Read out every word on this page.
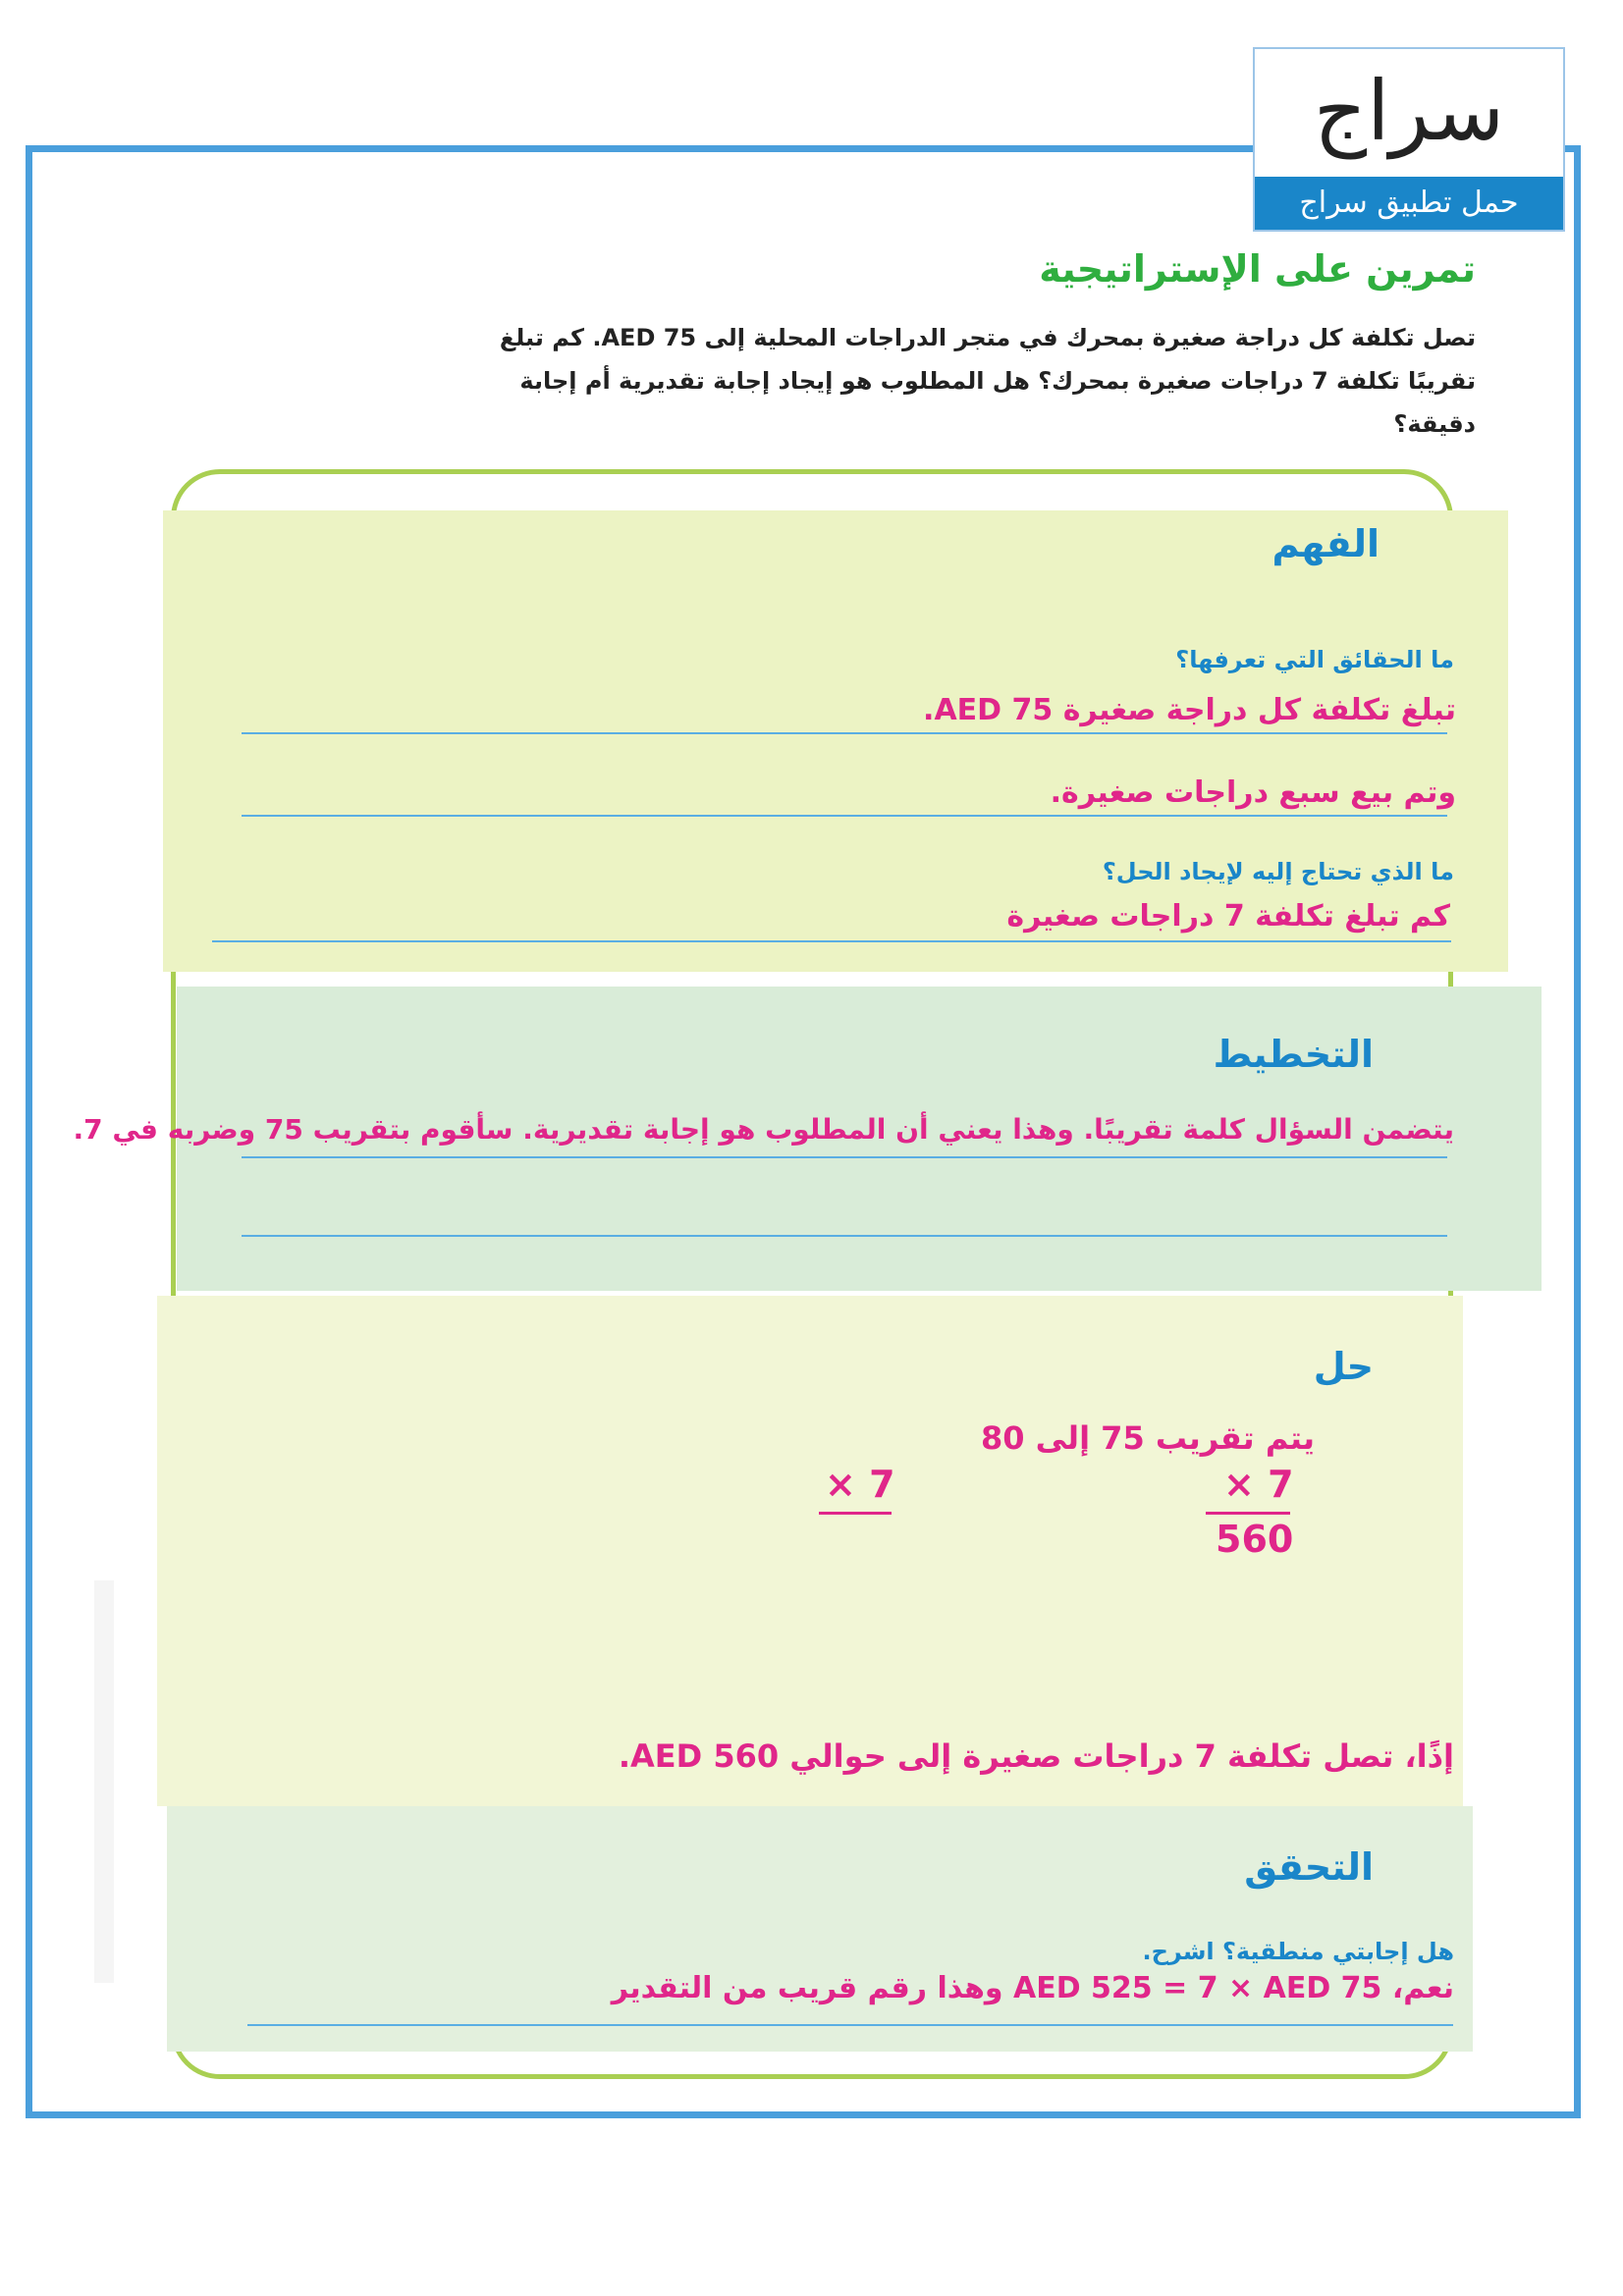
سراج
حمل تطبيق سراج
تمرين على الإستراتيجية
تصل تكلفة كل دراجة صغيرة بمحرك في متجر الدراجات المحلية إلى AED 75. كم تبلغ تقريبًا تكلفة 7 دراجات صغيرة بمحرك؟ هل المطلوب هو إيجاد إجابة تقديرية أم إجابة دقيقة؟
الفهم
ما الحقائق التي تعرفها؟
تبلغ تكلفة كل دراجة صغيرة AED 75.
وتم بيع سبع دراجات صغيرة.
ما الذي تحتاج إليه لإيجاد الحل؟
كم تبلغ تكلفة 7 دراجات صغيرة
التخطيط
يتضمن السؤال كلمة تقريبًا. وهذا يعني أن المطلوب هو إجابة تقديرية. سأقوم بتقريب 75 وضربه في 7.
حل
يتم تقريب 75 إلى 80
× 7
560
× 7
إذًا، تصل تكلفة 7 دراجات صغيرة إلى حوالي AED 560.
التحقق
هل إجابتي منطقية؟ اشرح.
نعم، AED 525 = 7 × AED 75 وهذا رقم قريب من التقدير
